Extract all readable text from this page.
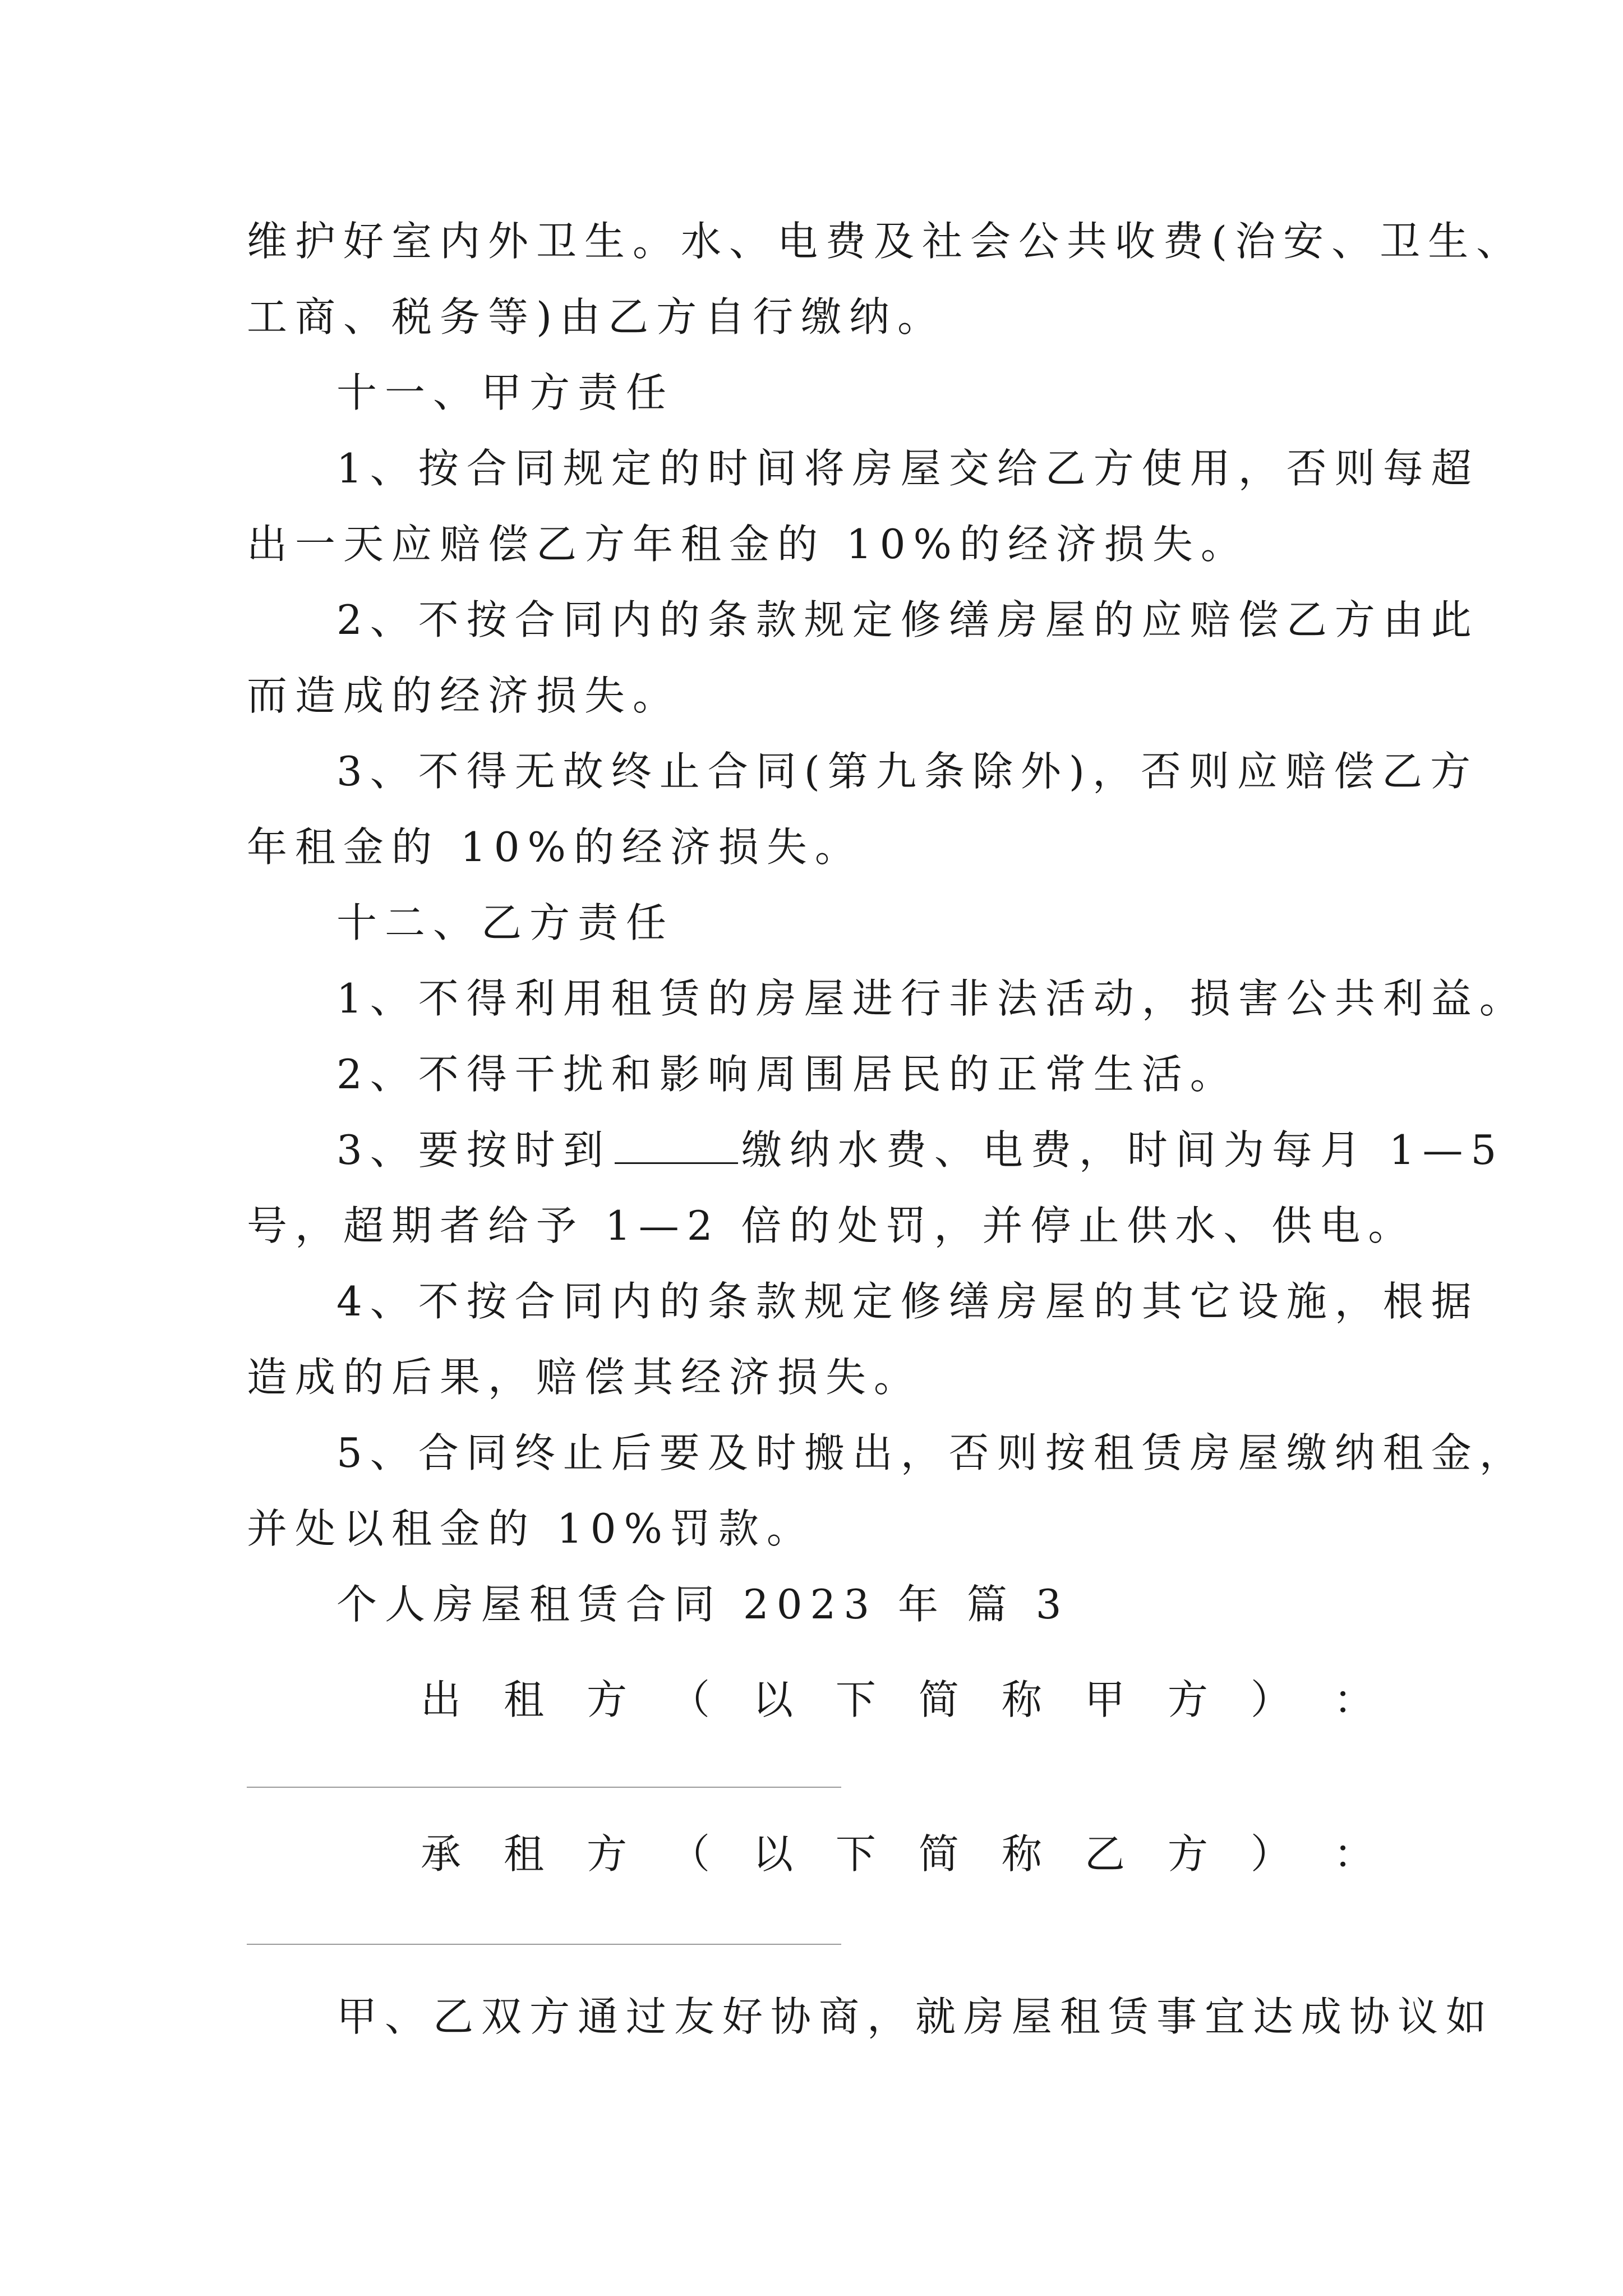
维护好室内外卫生。水、电费及社会公共收费(治安、卫生、
工商、税务等)由乙方自行缴纳。
十一、甲方责任
1、按合同规定的时间将房屋交给乙方使用，否则每超
出一天应赔偿乙方年租金的 10%的经济损失。
2、不按合同内的条款规定修缮房屋的应赔偿乙方由此
而造成的经济损失。
3、不得无故终止合同(第九条除外)，否则应赔偿乙方
年租金的 10%的经济损失。
十二、乙方责任
1、不得利用租赁的房屋进行非法活动，损害公共利益。
2、不得干扰和影响周围居民的正常生活。
3、要按时到	缴纳水费、电费，时间为每月 1—5
号，超期者给予 1—2 倍的处罚，并停止供水、供电。
4、不按合同内的条款规定修缮房屋的其它设施，根据
造成的后果，赔偿其经济损失。
5、合同终止后要及时搬出，否则按租赁房屋缴纳租金，
并处以租金的 10%罚款。
个人房屋租赁合同 2023 年 篇 3
出 租 方 （ 以 下 简 称 甲 方 ） ：
承 租 方 （ 以 下 简 称 乙 方 ） ：
甲、乙双方通过友好协商，就房屋租赁事宜达成协议如
